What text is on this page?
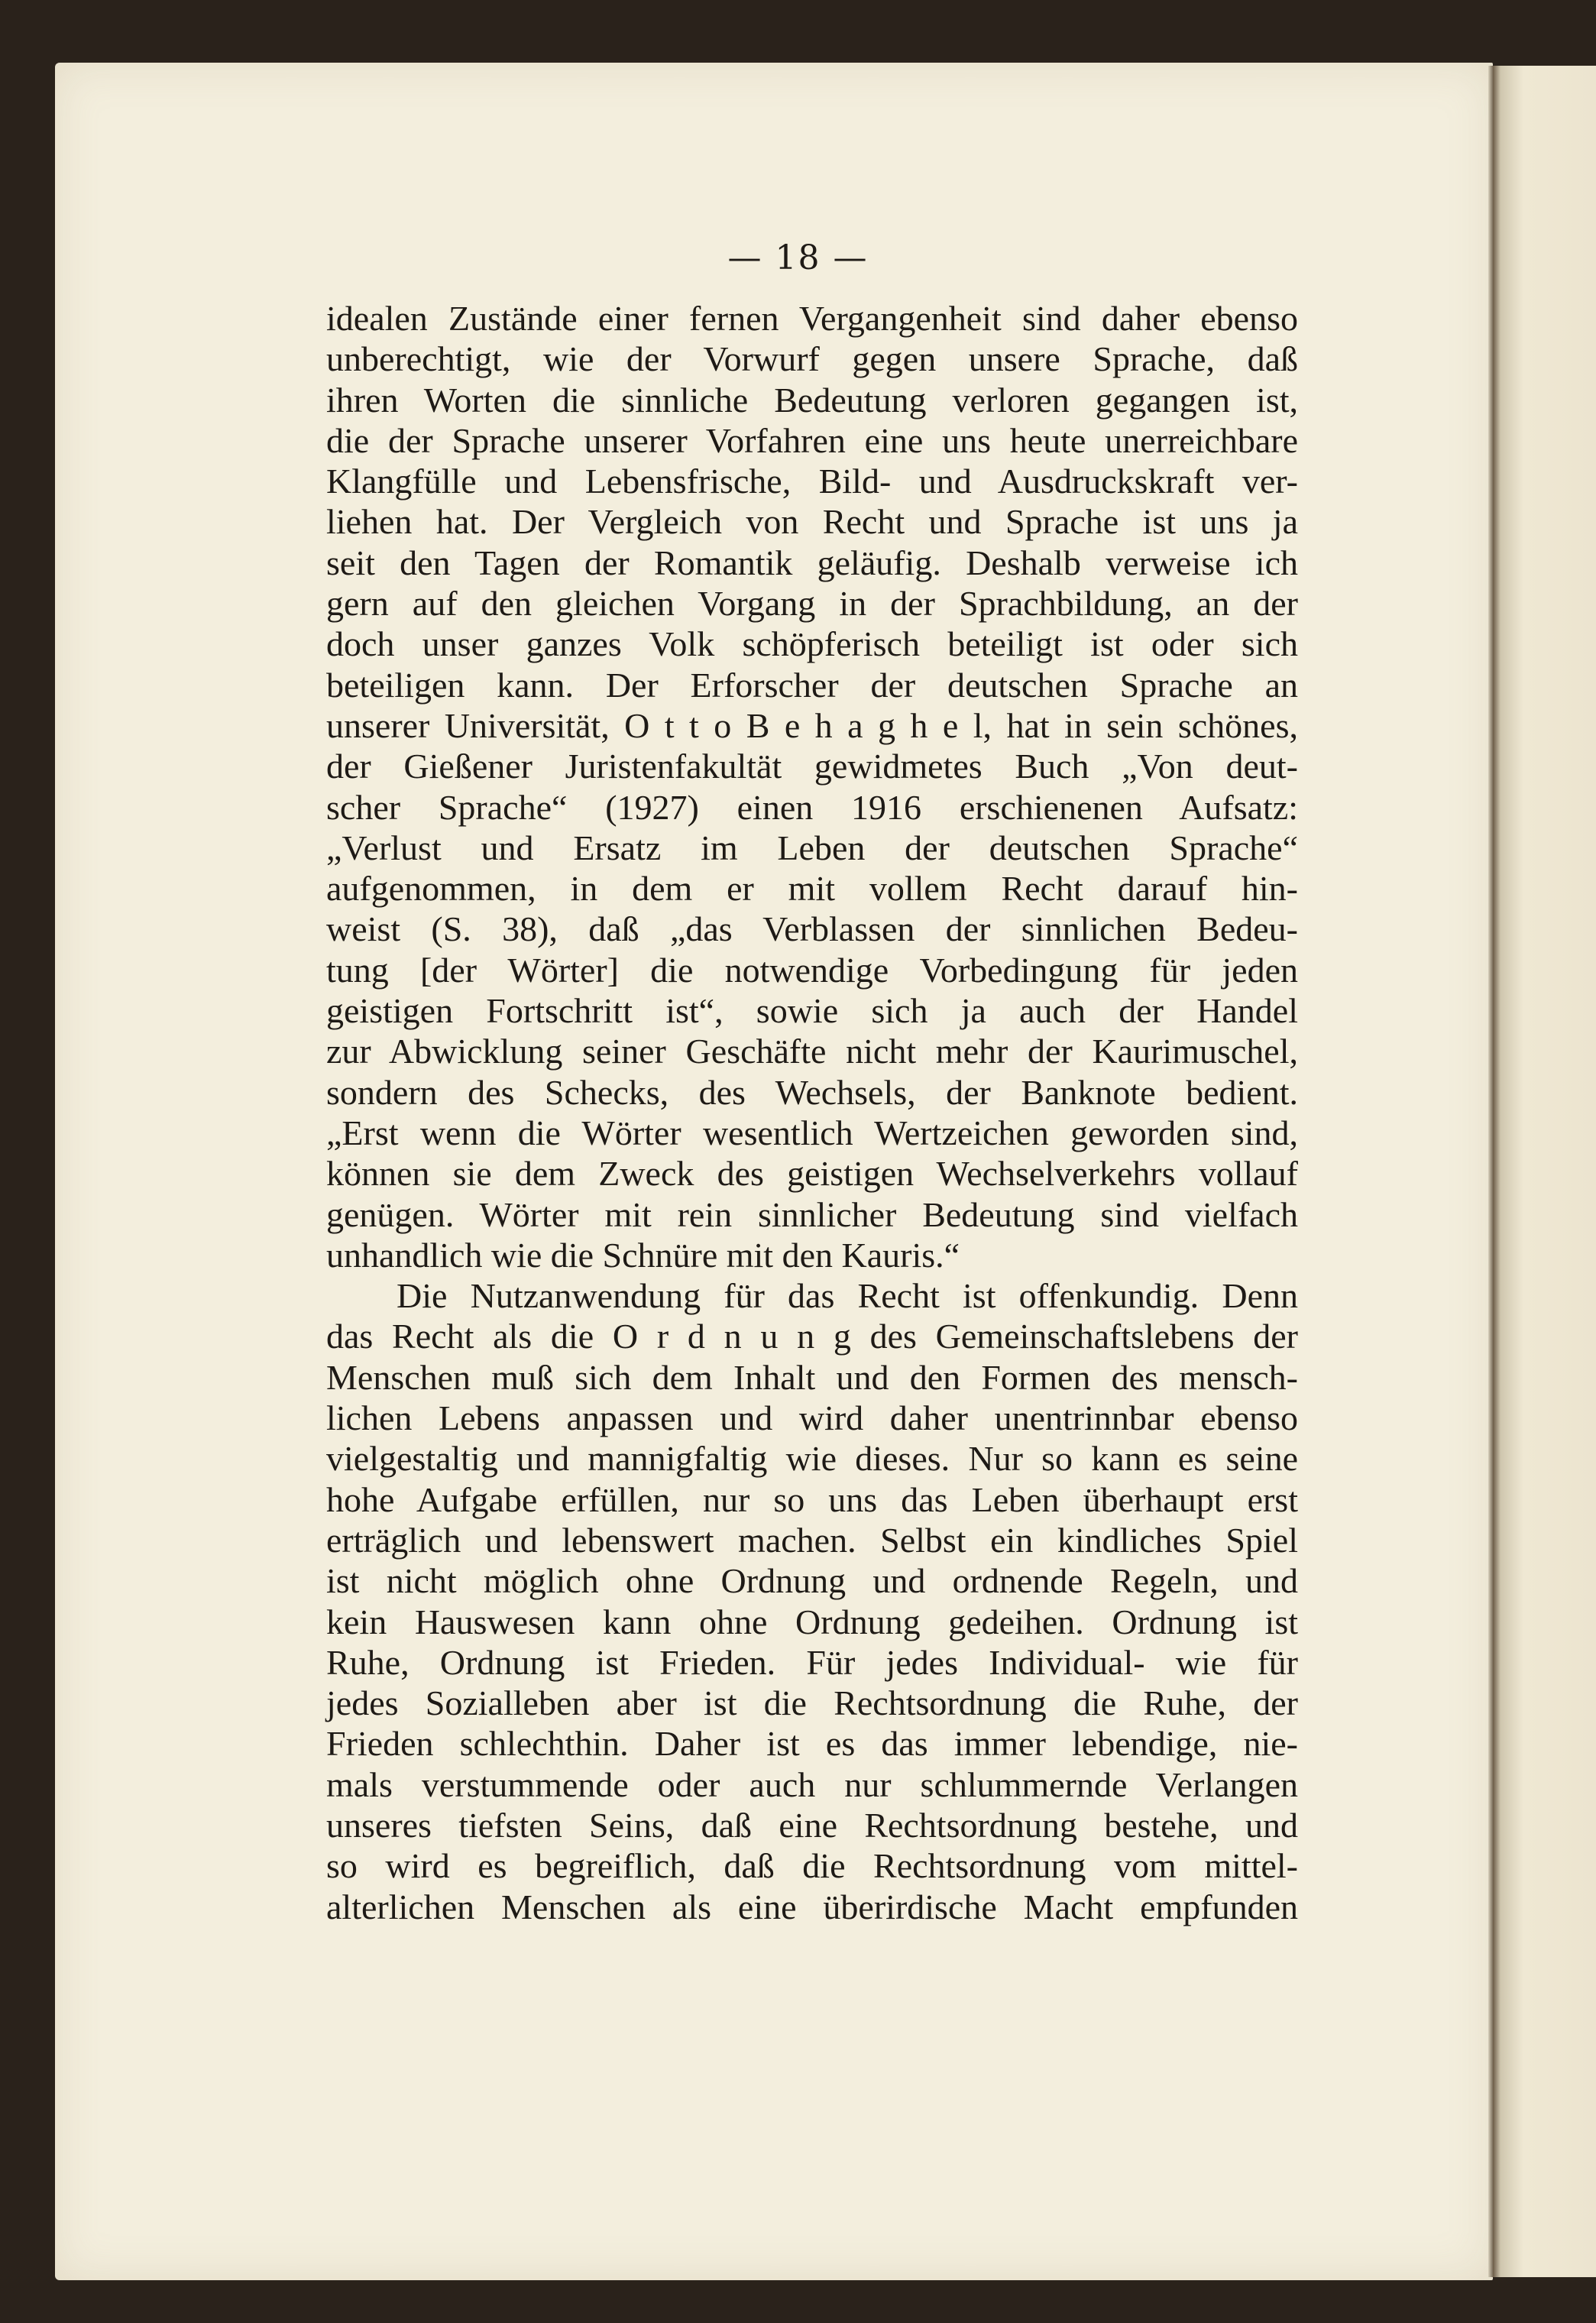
— 18 —
idealen Zustände einer fernen Vergangenheit sind daher ebenso
unberechtigt, wie der Vorwurf gegen unsere Sprache, daß
ihren Worten die sinnliche Bedeutung verloren gegangen ist,
die der Sprache unserer Vorfahren eine uns heute unerreichbare
Klangfülle und Lebensfrische, Bild- und Ausdruckskraft ver-
liehen hat. Der Vergleich von Recht und Sprache ist uns ja
seit den Tagen der Romantik geläufig. Deshalb verweise ich
gern auf den gleichen Vorgang in der Sprachbildung, an der
doch unser ganzes Volk schöpferisch beteiligt ist oder sich
beteiligen kann. Der Erforscher der deutschen Sprache an
unserer Universität, O t t o B e h a g h e l, hat in sein schönes,
der Gießener Juristenfakultät gewidmetes Buch „Von deut-
scher Sprache“ (1927) einen 1916 erschienenen Aufsatz:
„Verlust und Ersatz im Leben der deutschen Sprache“
aufgenommen, in dem er mit vollem Recht darauf hin-
weist (S. 38), daß „das Verblassen der sinnlichen Bedeu-
tung [der Wörter] die notwendige Vorbedingung für jeden
geistigen Fortschritt ist“, sowie sich ja auch der Handel
zur Abwicklung seiner Geschäfte nicht mehr der Kaurimuschel,
sondern des Schecks, des Wechsels, der Banknote bedient.
„Erst wenn die Wörter wesentlich Wertzeichen geworden sind,
können sie dem Zweck des geistigen Wechselverkehrs vollauf
genügen. Wörter mit rein sinnlicher Bedeutung sind vielfach
unhandlich wie die Schnüre mit den Kauris.“
Die Nutzanwendung für das Recht ist offenkundig. Denn
das Recht als die O r d n u n g des Gemeinschaftslebens der
Menschen muß sich dem Inhalt und den Formen des mensch-
lichen Lebens anpassen und wird daher unentrinnbar ebenso
vielgestaltig und mannigfaltig wie dieses. Nur so kann es seine
hohe Aufgabe erfüllen, nur so uns das Leben überhaupt erst
erträglich und lebenswert machen. Selbst ein kindliches Spiel
ist nicht möglich ohne Ordnung und ordnende Regeln, und
kein Hauswesen kann ohne Ordnung gedeihen. Ordnung ist
Ruhe, Ordnung ist Frieden. Für jedes Individual- wie für
jedes Sozialleben aber ist die Rechtsordnung die Ruhe, der
Frieden schlechthin. Daher ist es das immer lebendige, nie-
mals verstummende oder auch nur schlummernde Verlangen
unseres tiefsten Seins, daß eine Rechtsordnung bestehe, und
so wird es begreiflich, daß die Rechtsordnung vom mittel-
alterlichen Menschen als eine überirdische Macht empfunden
